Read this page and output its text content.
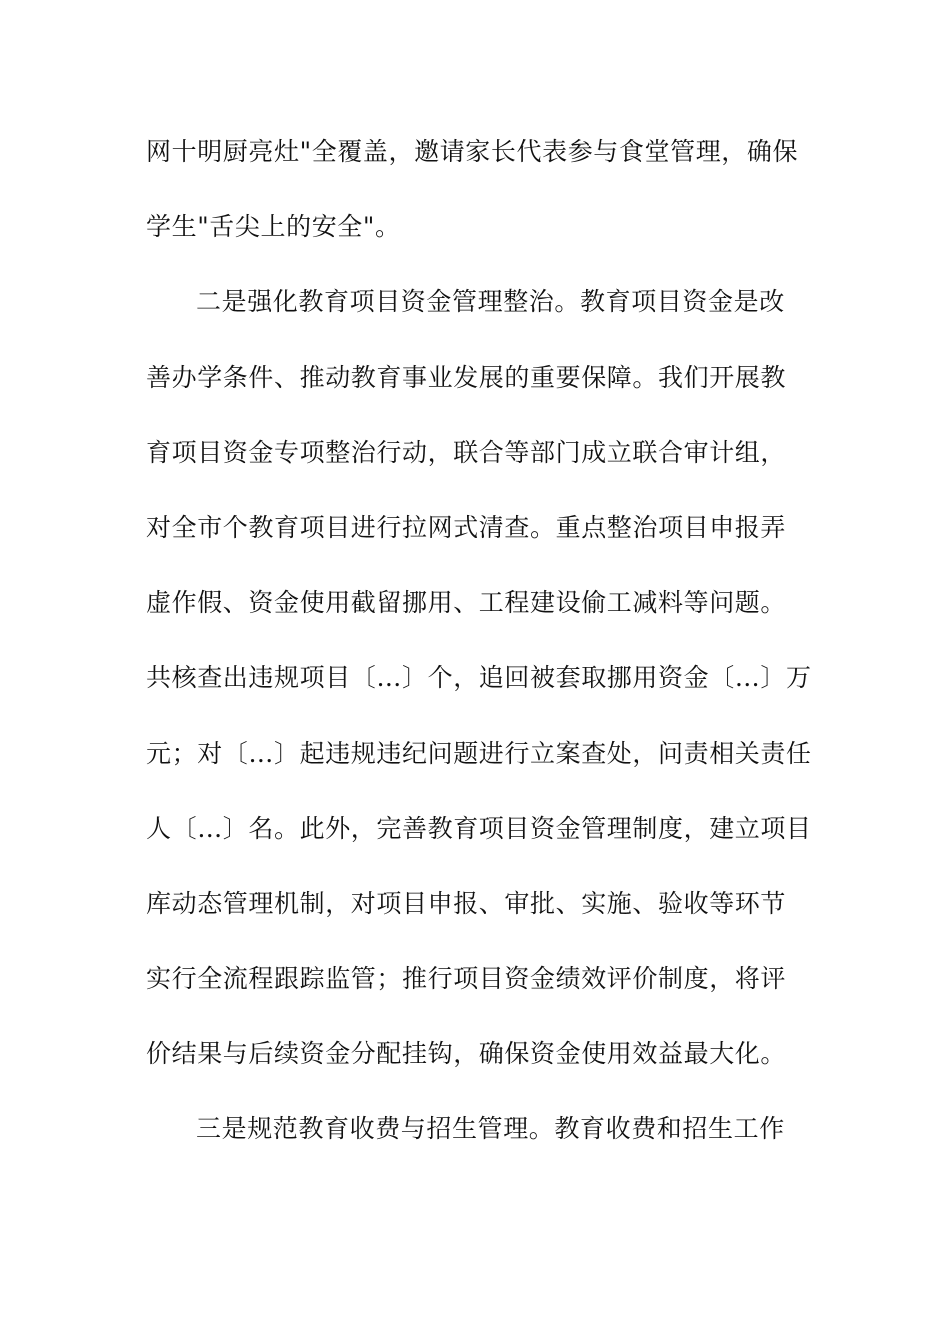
网十明厨亮灶"全覆盖，邀请家长代表参与食堂管理，确保
学生"舌尖上的安全"。
二是强化教育项目资金管理整治。教育项目资金是改
善办学条件、推动教育事业发展的重要保障。我们开展教
育项目资金专项整治行动，联合等部门成立联合审计组，
对全市个教育项目进行拉网式清查。重点整治项目申报弄
虚作假、资金使用截留挪用、工程建设偷工减料等问题。
共核查出违规项目〔…〕个，追回被套取挪用资金〔…〕万
元；对〔…〕起违规违纪问题进行立案查处，问责相关责任
人〔…〕名。此外，完善教育项目资金管理制度，建立项目
库动态管理机制，对项目申报、审批、实施、验收等环节
实行全流程跟踪监管；推行项目资金绩效评价制度，将评
价结果与后续资金分配挂钩，确保资金使用效益最大化。
三是规范教育收费与招生管理。教育收费和招生工作
